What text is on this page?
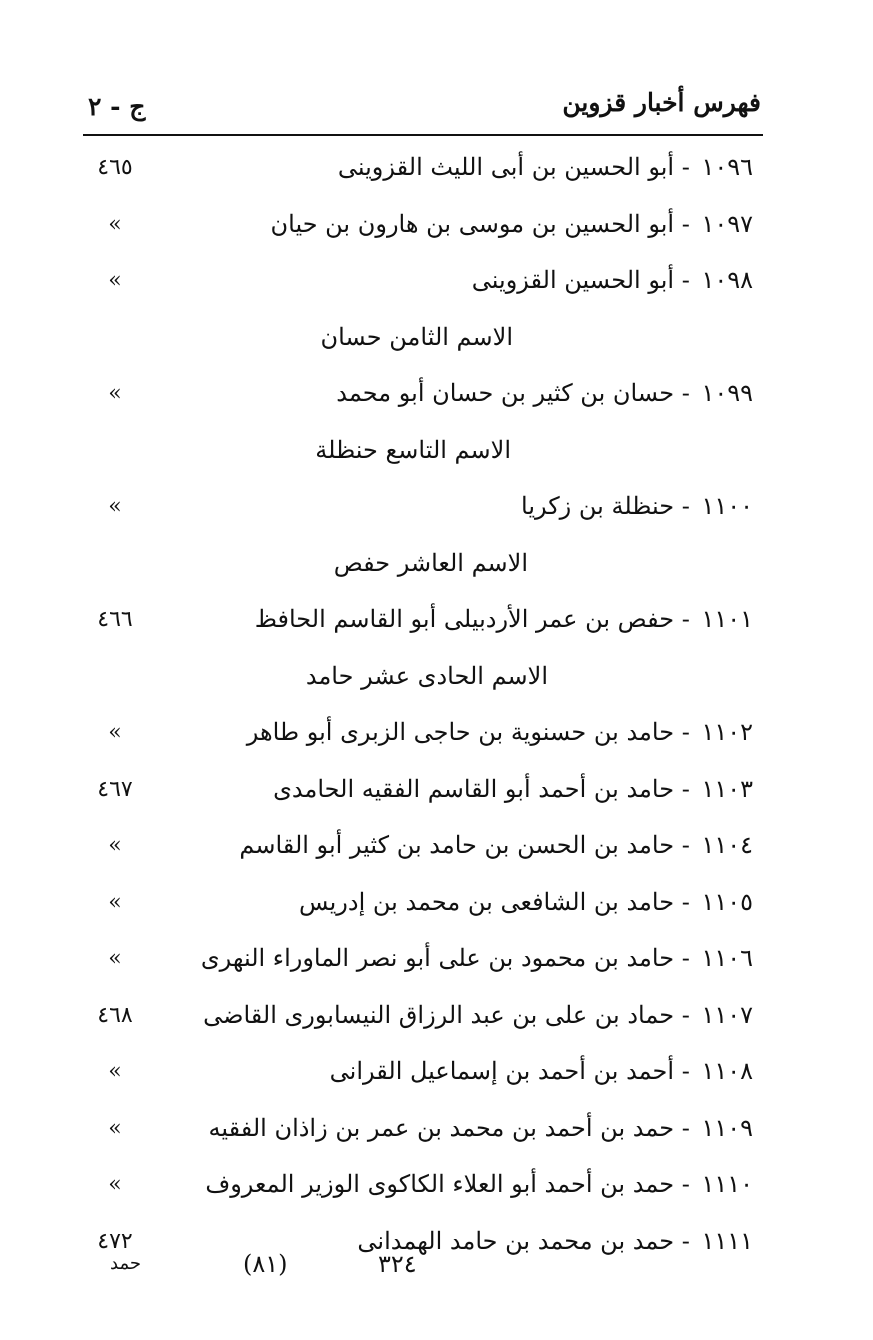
فهرس أخبار قزوين
ج - ٢
١٠٩٦ - أبو الحسين بن أبى الليث القزوينى
٤٦٥
١٠٩٧ - أبو الحسين بن موسى بن هارون بن حيان
»
١٠٩٨ - أبو الحسين القزوينى
»
الاسم الثامن حسان
١٠٩٩ - حسان بن كثير بن حسان أبو محمد
»
الاسم التاسع حنظلة
١١٠٠ - حنظلة بن زكريا
»
الاسم العاشر حفص
١١٠١ - حفص بن عمر الأردبيلى أبو القاسم الحافظ
٤٦٦
الاسم الحادى عشر حامد
١١٠٢ - حامد بن حسنوية بن حاجى الزبرى أبو طاهر
»
١١٠٣ - حامد بن أحمد أبو القاسم الفقيه الحامدى
٤٦٧
١١٠٤ - حامد بن الحسن بن حامد بن كثير أبو القاسم
»
١١٠٥ - حامد بن الشافعى بن محمد بن إدريس
»
١١٠٦ - حامد بن محمود بن على أبو نصر الماوراء النهرى
»
١١٠٧ - حماد بن على بن عبد الرزاق النيسابورى القاضى
٤٦٨
١١٠٨ - أحمد بن أحمد بن إسماعيل القرانى
»
١١٠٩ - حمد بن أحمد بن محمد بن عمر بن زاذان الفقيه
»
١١١٠ - حمد بن أحمد أبو العلاء الكاكوى الوزير المعروف
»
١١١١ - حمد بن محمد بن حامد الهمدانى
٤٧٢
حمد	(٨١)	٣٢٤
